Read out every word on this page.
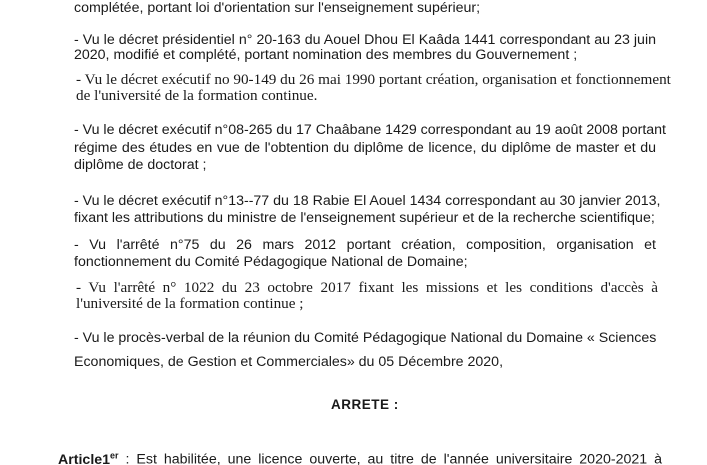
complétée, portant loi d'orientation sur l'enseignement supérieur;
- Vu le décret présidentiel n° 20-163 du Aouel Dhou El Kaâda 1441 correspondant au 23 juin
2020, modifié et complété, portant nomination des membres du Gouvernement ;
- Vu le décret exécutif no 90-149 du 26 mai 1990 portant création, organisation et fonctionnement
de l'université de la formation continue.
- Vu le décret exécutif n°08-265 du 17 Chaâbane 1429 correspondant au 19 août 2008 portant
régime des études en vue de l'obtention du diplôme de licence, du diplôme de master et du
diplôme de doctorat ;
- Vu le décret exécutif n°13--77 du 18 Rabie El Aouel 1434 correspondant au 30 janvier 2013,
fixant les attributions du ministre de l'enseignement supérieur et de la recherche scientifique;
- Vu l'arrêté n°75 du 26 mars 2012 portant création, composition, organisation et
fonctionnement du Comité Pédagogique National de Domaine;
- Vu l'arrêté n° 1022 du 23 octobre 2017 fixant les missions et les conditions d'accès à
l'université de la formation continue ;
- Vu le procès-verbal de la réunion du Comité Pédagogique National du Domaine « Sciences
Economiques, de Gestion et Commerciales» du 05 Décembre 2020,
ARRETE :
Article1er : Est habilitée, une licence ouverte, au titre de l'année universitaire 2020-2021 à
